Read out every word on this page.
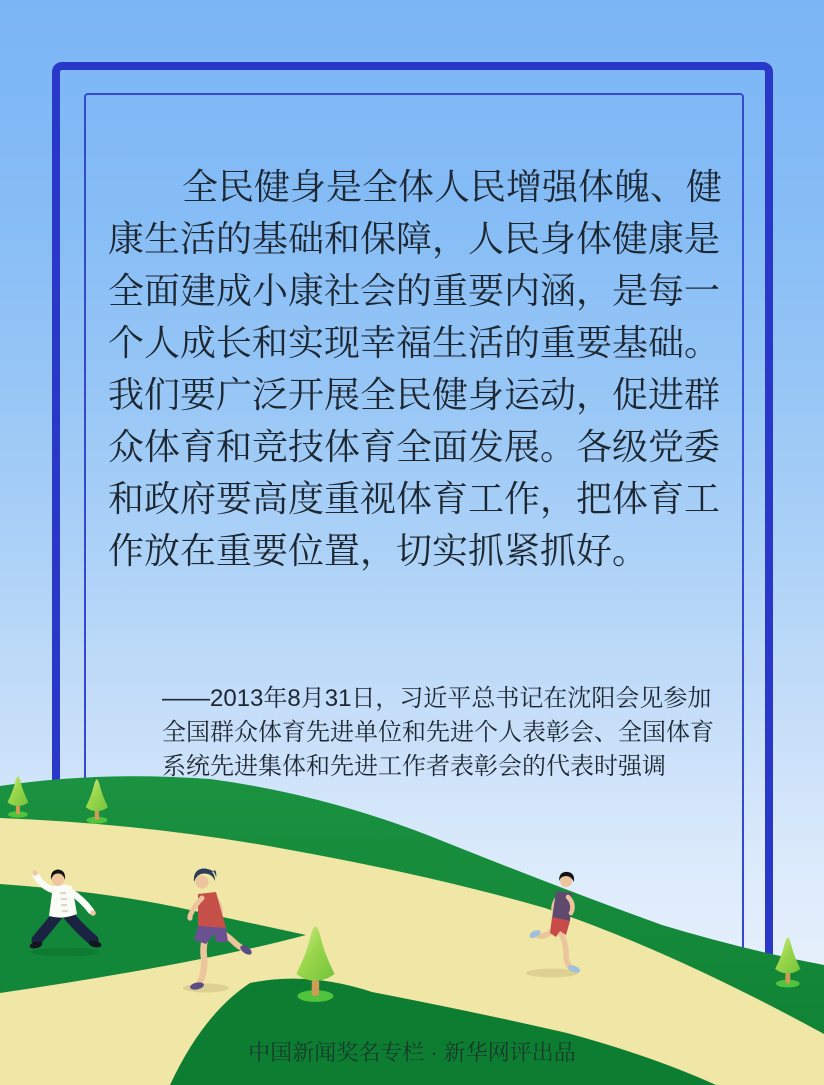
全民健身是全体人民增强体魄、健
康生活的基础和保障，人民身体健康是
全面建成小康社会的重要内涵，是每一
个人成长和实现幸福生活的重要基础。
我们要广泛开展全民健身运动，促进群
众体育和竞技体育全面发展。各级党委
和政府要高度重视体育工作，把体育工
作放在重要位置，切实抓紧抓好。
——2013年8月31日，习近平总书记在沈阳会见参加
全国群众体育先进单位和先进个人表彰会、全国体育
系统先进集体和先进工作者表彰会的代表时强调
中国新闻奖名专栏 · 新华网评出品
